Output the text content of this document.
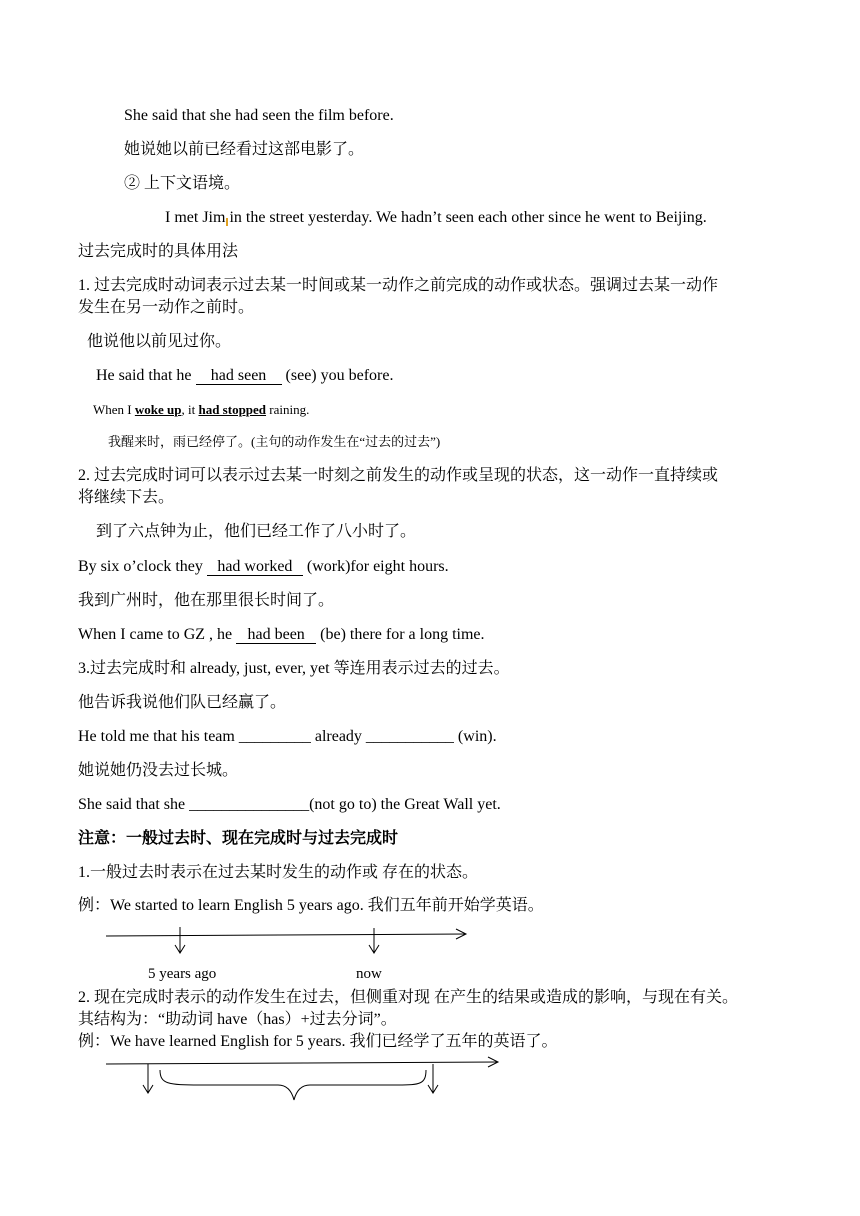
She said that she had seen the film before.
她说她以前已经看过这部电影了。
② 上下文语境。
I met Jim in the street yesterday. We hadn’t seen each other since he went to Beijing.
过去完成时的具体用法
1. 过去完成时动词表示过去某一时间或某一动作之前完成的动作或状态。强调过去某一动作
发生在另一动作之前时。
他说他以前见过你。
He said that he had seen (see) you before.
When I woke up, it had stopped raining.
我醒来时，雨已经停了。(主句的动作发生在“过去的过去”)
2. 过去完成时词可以表示过去某一时刻之前发生的动作或呈现的状态，这一动作一直持续或
将继续下去。
到了六点钟为止，他们已经工作了八小时了。
By six o’clock they had worked (work)for eight hours.
我到广州时，他在那里很长时间了。
When I came to GZ , he had been (be) there for a long time.
3.过去完成时和 already, just, ever, yet 等连用表示过去的过去。
他告诉我说他们队已经赢了。
He told me that his team _________ already ___________ (win).
她说她仍没去过长城。
She said that she _______________(not go to) the Great Wall yet.
注意：一般过去时、现在完成时与过去完成时
1.一般过去时表示在过去某时发生的动作或 存在的状态。
例：We started to learn English 5 years ago. 我们五年前开始学英语。
5 years ago	now
2. 现在完成时表示的动作发生在过去，但侧重对现 在产生的结果或造成的影响，与现在有关。
其结构为：“助动词 have（has）+过去分词”。
例：We have learned English for 5 years. 我们已经学了五年的英语了。
